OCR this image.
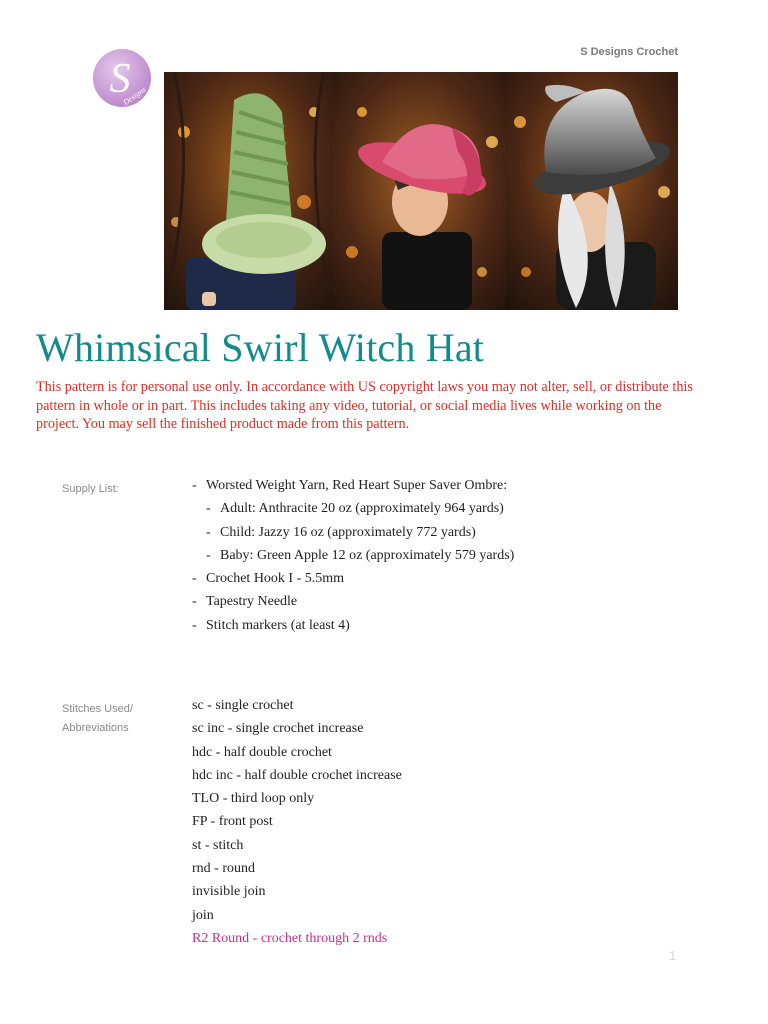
S Designs Crochet
S
Designs
Whimsical Swirl Witch Hat

This pattern is for personal use only. In accordance with US copyright laws you may not alter, sell, or distribute this pattern in whole or in part. This includes taking any video, tutorial, or social media lives while working on the project. You may sell the finished product made from this pattern.

Supply List:	- Worsted Weight Yarn, Red Heart Super Saver Ombre:
- Adult: Anthracite 20 oz (approximately 964 yards)
- Child: Jazzy 16 oz (approximately 772 yards)
- Baby: Green Apple 12 oz (approximately 579 yards)
- Crochet Hook I - 5.5mm
- Tapestry Needle
- Stitch markers (at least 4)
Stitches Used/
Abbreviations
sc - single crochet
sc inc - single crochet increase
hdc - half double crochet
hdc inc - half double crochet increase
TLO - third loop only
FP - front post
st - stitch
rnd - round
invisible join
join
R2 Round - crochet through 2 rnds
1
